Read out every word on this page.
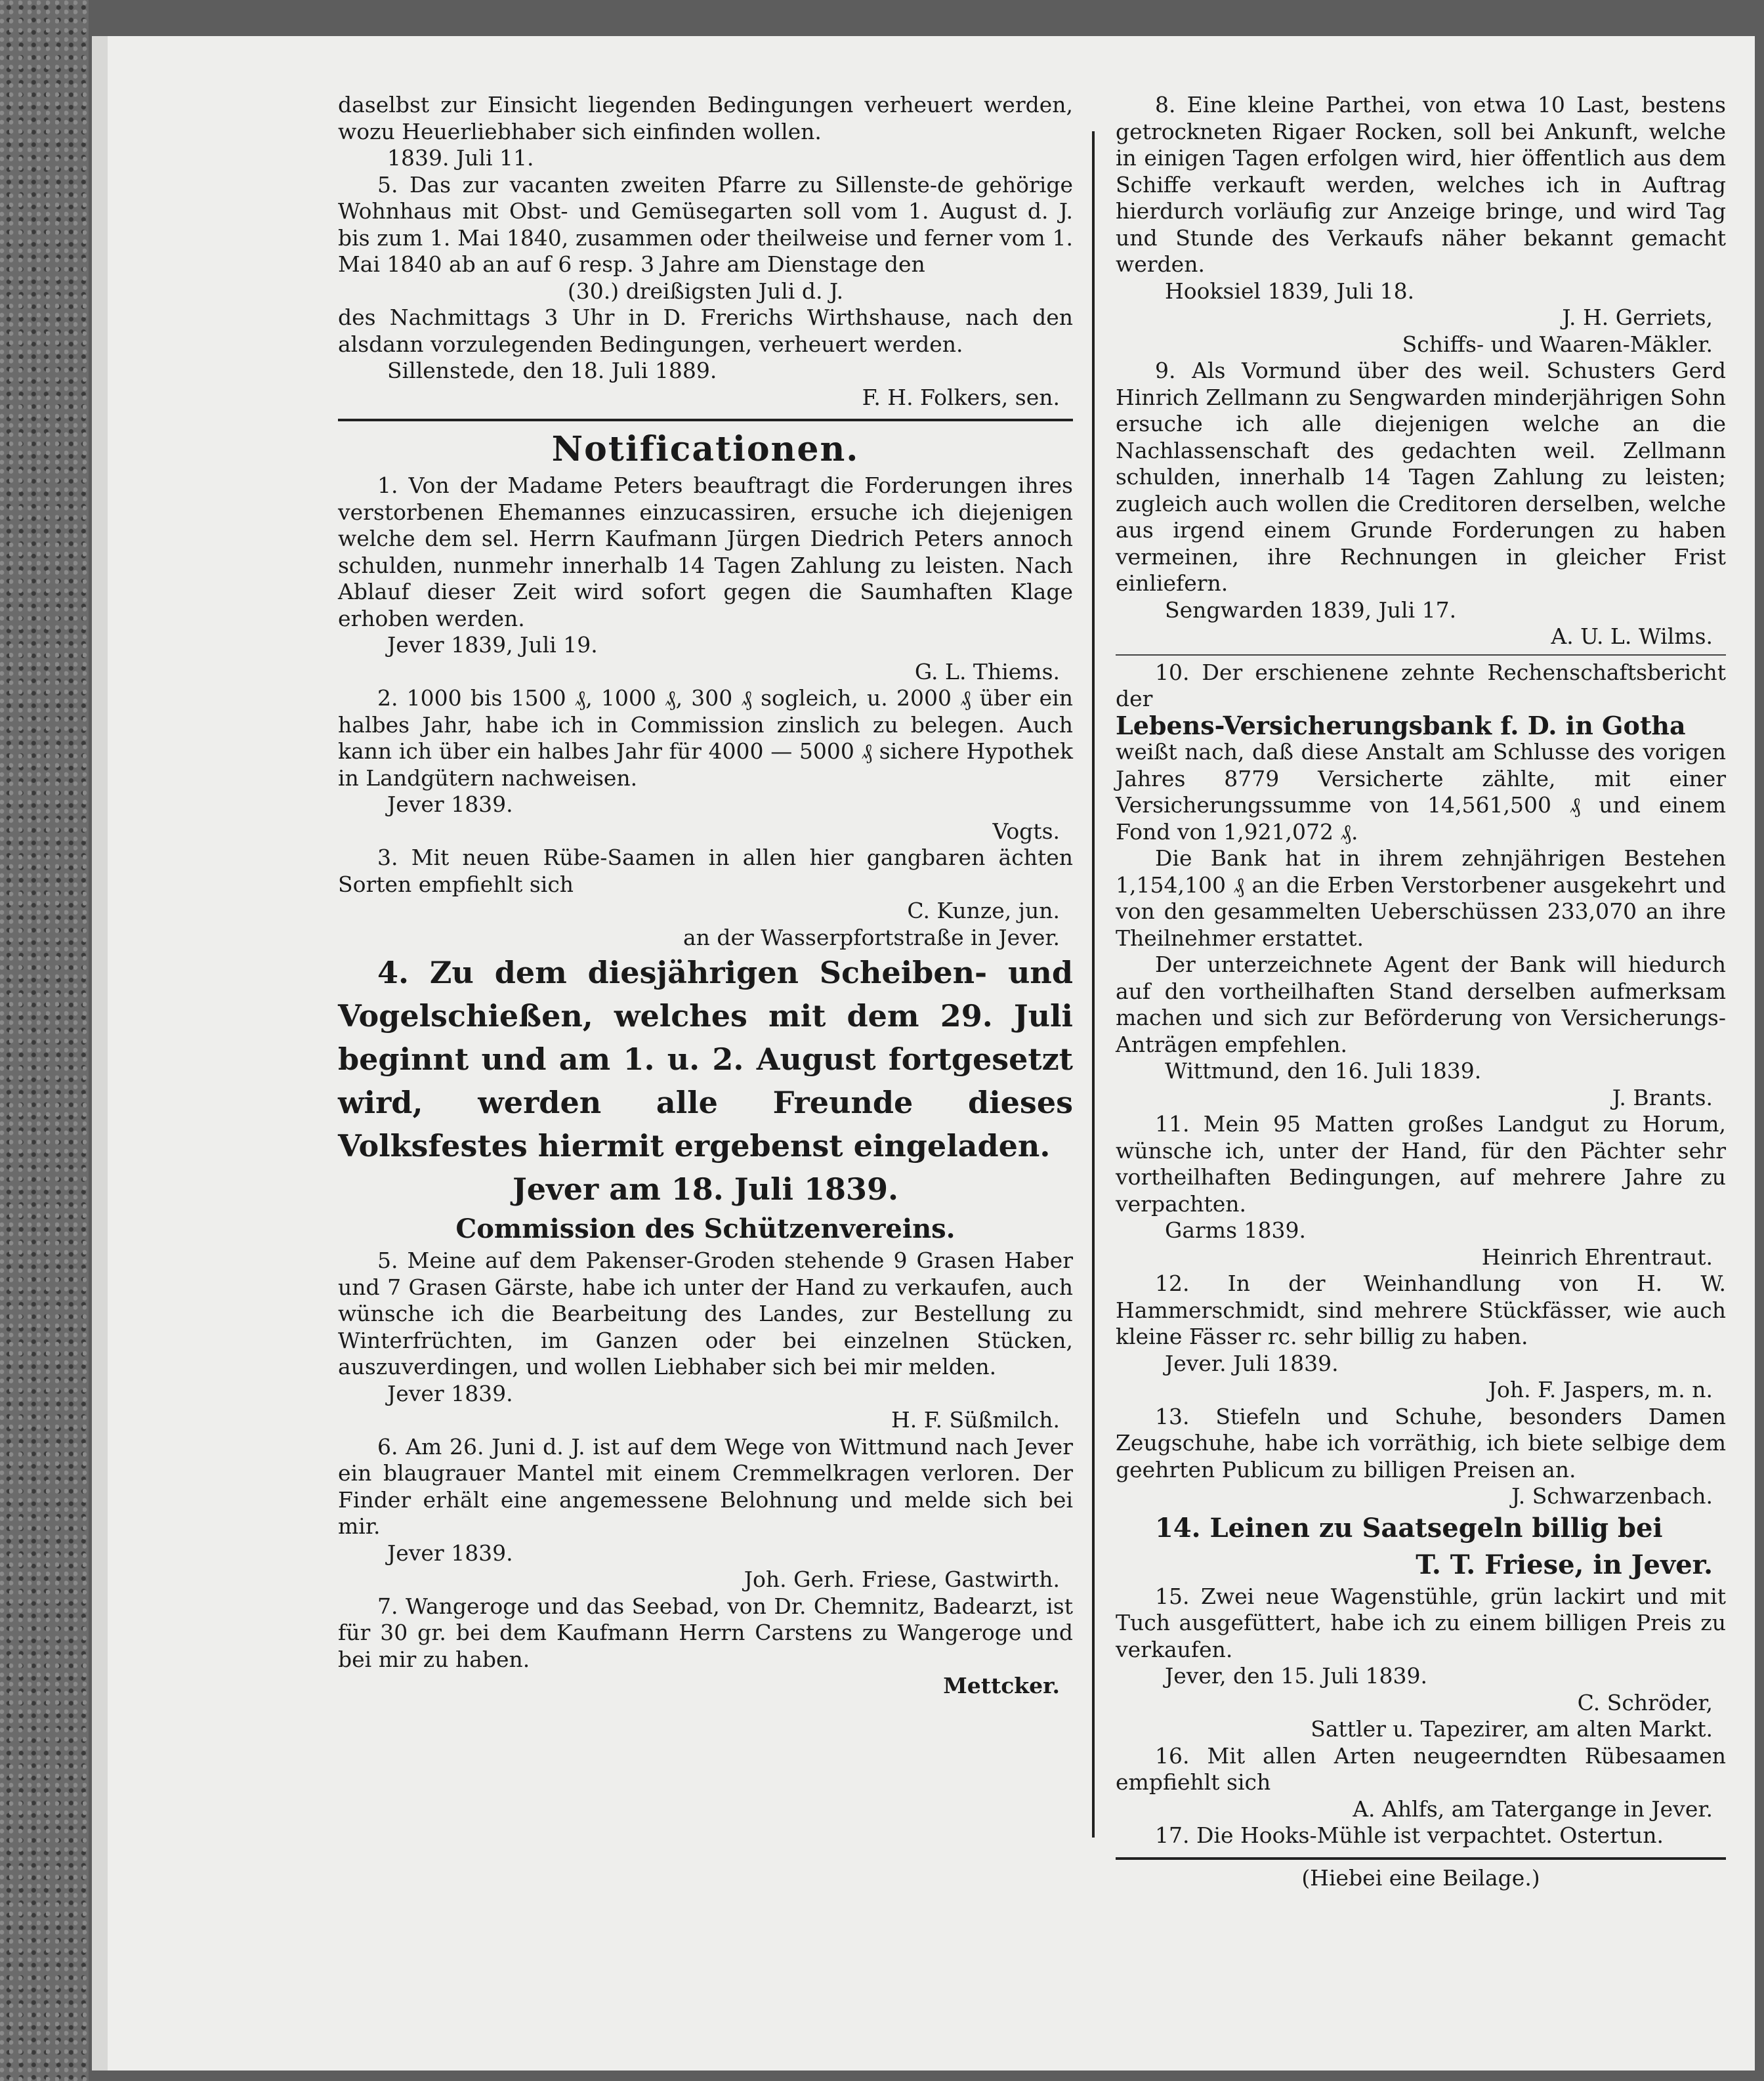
daselbst zur Einsicht liegenden Bedingungen verheuert werden, wozu Heuerliebhaber sich einfinden wollen.

1839. Juli 11.

5. Das zur vacanten zweiten Pfarre zu Sillenste-de gehörige Wohnhaus mit Obst- und Gemüsegarten soll vom 1. August d. J. bis zum 1. Mai 1840, zusammen oder theilweise und ferner vom 1. Mai 1840 ab an auf 6 resp. 3 Jahre am Dienstage den

(30.) dreißigsten Juli d. J.

des Nachmittags 3 Uhr in D. Frerichs Wirthshause, nach den alsdann vorzulegenden Bedingungen, verheuert werden.

Sillenstede, den 18. Juli 1889.

F. H. Folkers, sen.

Notificationen.

1. Von der Madame Peters beauftragt die Forderungen ihres verstorbenen Ehemannes einzucassiren, ersuche ich diejenigen welche dem sel. Herrn Kaufmann Jürgen Diedrich Peters annoch schulden, nunmehr innerhalb 14 Tagen Zahlung zu leisten. Nach Ablauf dieser Zeit wird sofort gegen die Saumhaften Klage erhoben werden.

Jever 1839, Juli 19.

G. L. Thiems.

2. 1000 bis 1500 ₰, 1000 ₰, 300 ₰ sogleich, u. 2000 ₰ über ein halbes Jahr, habe ich in Commission zinslich zu belegen. Auch kann ich über ein halbes Jahr für 4000 — 5000 ₰ sichere Hypothek in Landgütern nachweisen.

Jever 1839.

Vogts.

3. Mit neuen Rübe-Saamen in allen hier gangbaren ächten Sorten empfiehlt sich

C. Kunze, jun.

an der Wasserpfortstraße in Jever.

4. Zu dem diesjährigen Scheiben- und Vogelschießen, welches mit dem 29. Juli beginnt und am 1. u. 2. August fortgesetzt wird, werden alle Freunde dieses Volksfestes hiermit ergebenst eingeladen.

Jever am 18. Juli 1839.

Commission des Schützenvereins.

5. Meine auf dem Pakenser-Groden stehende 9 Grasen Haber und 7 Grasen Gärste, habe ich unter der Hand zu verkaufen, auch wünsche ich die Bearbeitung des Landes, zur Bestellung zu Winterfrüchten, im Ganzen oder bei einzelnen Stücken, auszuverdingen, und wollen Liebhaber sich bei mir melden.

Jever 1839.

H. F. Süßmilch.

6. Am 26. Juni d. J. ist auf dem Wege von Wittmund nach Jever ein blaugrauer Mantel mit einem Cremmelkragen verloren. Der Finder erhält eine angemessene Belohnung und melde sich bei mir.

Jever 1839.

Joh. Gerh. Friese, Gastwirth.

7. Wangeroge und das Seebad, von Dr. Chemnitz, Badearzt, ist für 30 gr. bei dem Kaufmann Herrn Carstens zu Wangeroge und bei mir zu haben.

Mettcker.

8. Eine kleine Parthei, von etwa 10 Last, bestens getrockneten Rigaer Rocken, soll bei Ankunft, welche in einigen Tagen erfolgen wird, hier öffentlich aus dem Schiffe verkauft werden, welches ich in Auftrag hierdurch vorläufig zur Anzeige bringe, und wird Tag und Stunde des Verkaufs näher bekannt gemacht werden.

Hooksiel 1839, Juli 18.

J. H. Gerriets,

Schiffs- und Waaren-Mäkler.

9. Als Vormund über des weil. Schusters Gerd Hinrich Zellmann zu Sengwarden minderjährigen Sohn ersuche ich alle diejenigen welche an die Nachlassenschaft des gedachten weil. Zellmann schulden, innerhalb 14 Tagen Zahlung zu leisten; zugleich auch wollen die Creditoren derselben, welche aus irgend einem Grunde Forderungen zu haben vermeinen, ihre Rechnungen in gleicher Frist einliefern.

Sengwarden 1839, Juli 17.

A. U. L. Wilms.

10. Der erschienene zehnte Rechenschaftsbericht der

Lebens-Versicherungsbank f. D. in Gotha

weißt nach, daß diese Anstalt am Schlusse des vorigen Jahres 8779 Versicherte zählte, mit einer Versicherungssumme von 14,561,500 ₰ und einem Fond von 1,921,072 ₰.

Die Bank hat in ihrem zehnjährigen Bestehen 1,154,100 ₰ an die Erben Verstorbener ausgekehrt und von den gesammelten Ueberschüssen 233,070 an ihre Theilnehmer erstattet.

Der unterzeichnete Agent der Bank will hiedurch auf den vortheilhaften Stand derselben aufmerksam machen und sich zur Beförderung von Versicherungs-Anträgen empfehlen.

Wittmund, den 16. Juli 1839.

J. Brants.

11. Mein 95 Matten großes Landgut zu Horum, wünsche ich, unter der Hand, für den Pächter sehr vortheilhaften Bedingungen, auf mehrere Jahre zu verpachten.

Garms 1839.

Heinrich Ehrentraut.

12. In der Weinhandlung von H. W. Hammerschmidt, sind mehrere Stückfässer, wie auch kleine Fässer rc. sehr billig zu haben.

Jever. Juli 1839.

Joh. F. Jaspers, m. n.

13. Stiefeln und Schuhe, besonders Damen Zeugschuhe, habe ich vorräthig, ich biete selbige dem geehrten Publicum zu billigen Preisen an.

J. Schwarzenbach.

14. Leinen zu Saatsegeln billig bei

T. T. Friese, in Jever.

15. Zwei neue Wagenstühle, grün lackirt und mit Tuch ausgefüttert, habe ich zu einem billigen Preis zu verkaufen.

Jever, den 15. Juli 1839.

C. Schröder,

Sattler u. Tapezirer, am alten Markt.

16. Mit allen Arten neugeerndten Rübesaamen empfiehlt sich

A. Ahlfs, am Tatergange in Jever.

17. Die Hooks-Mühle ist verpachtet. Ostertun.

(Hiebei eine Beilage.)
